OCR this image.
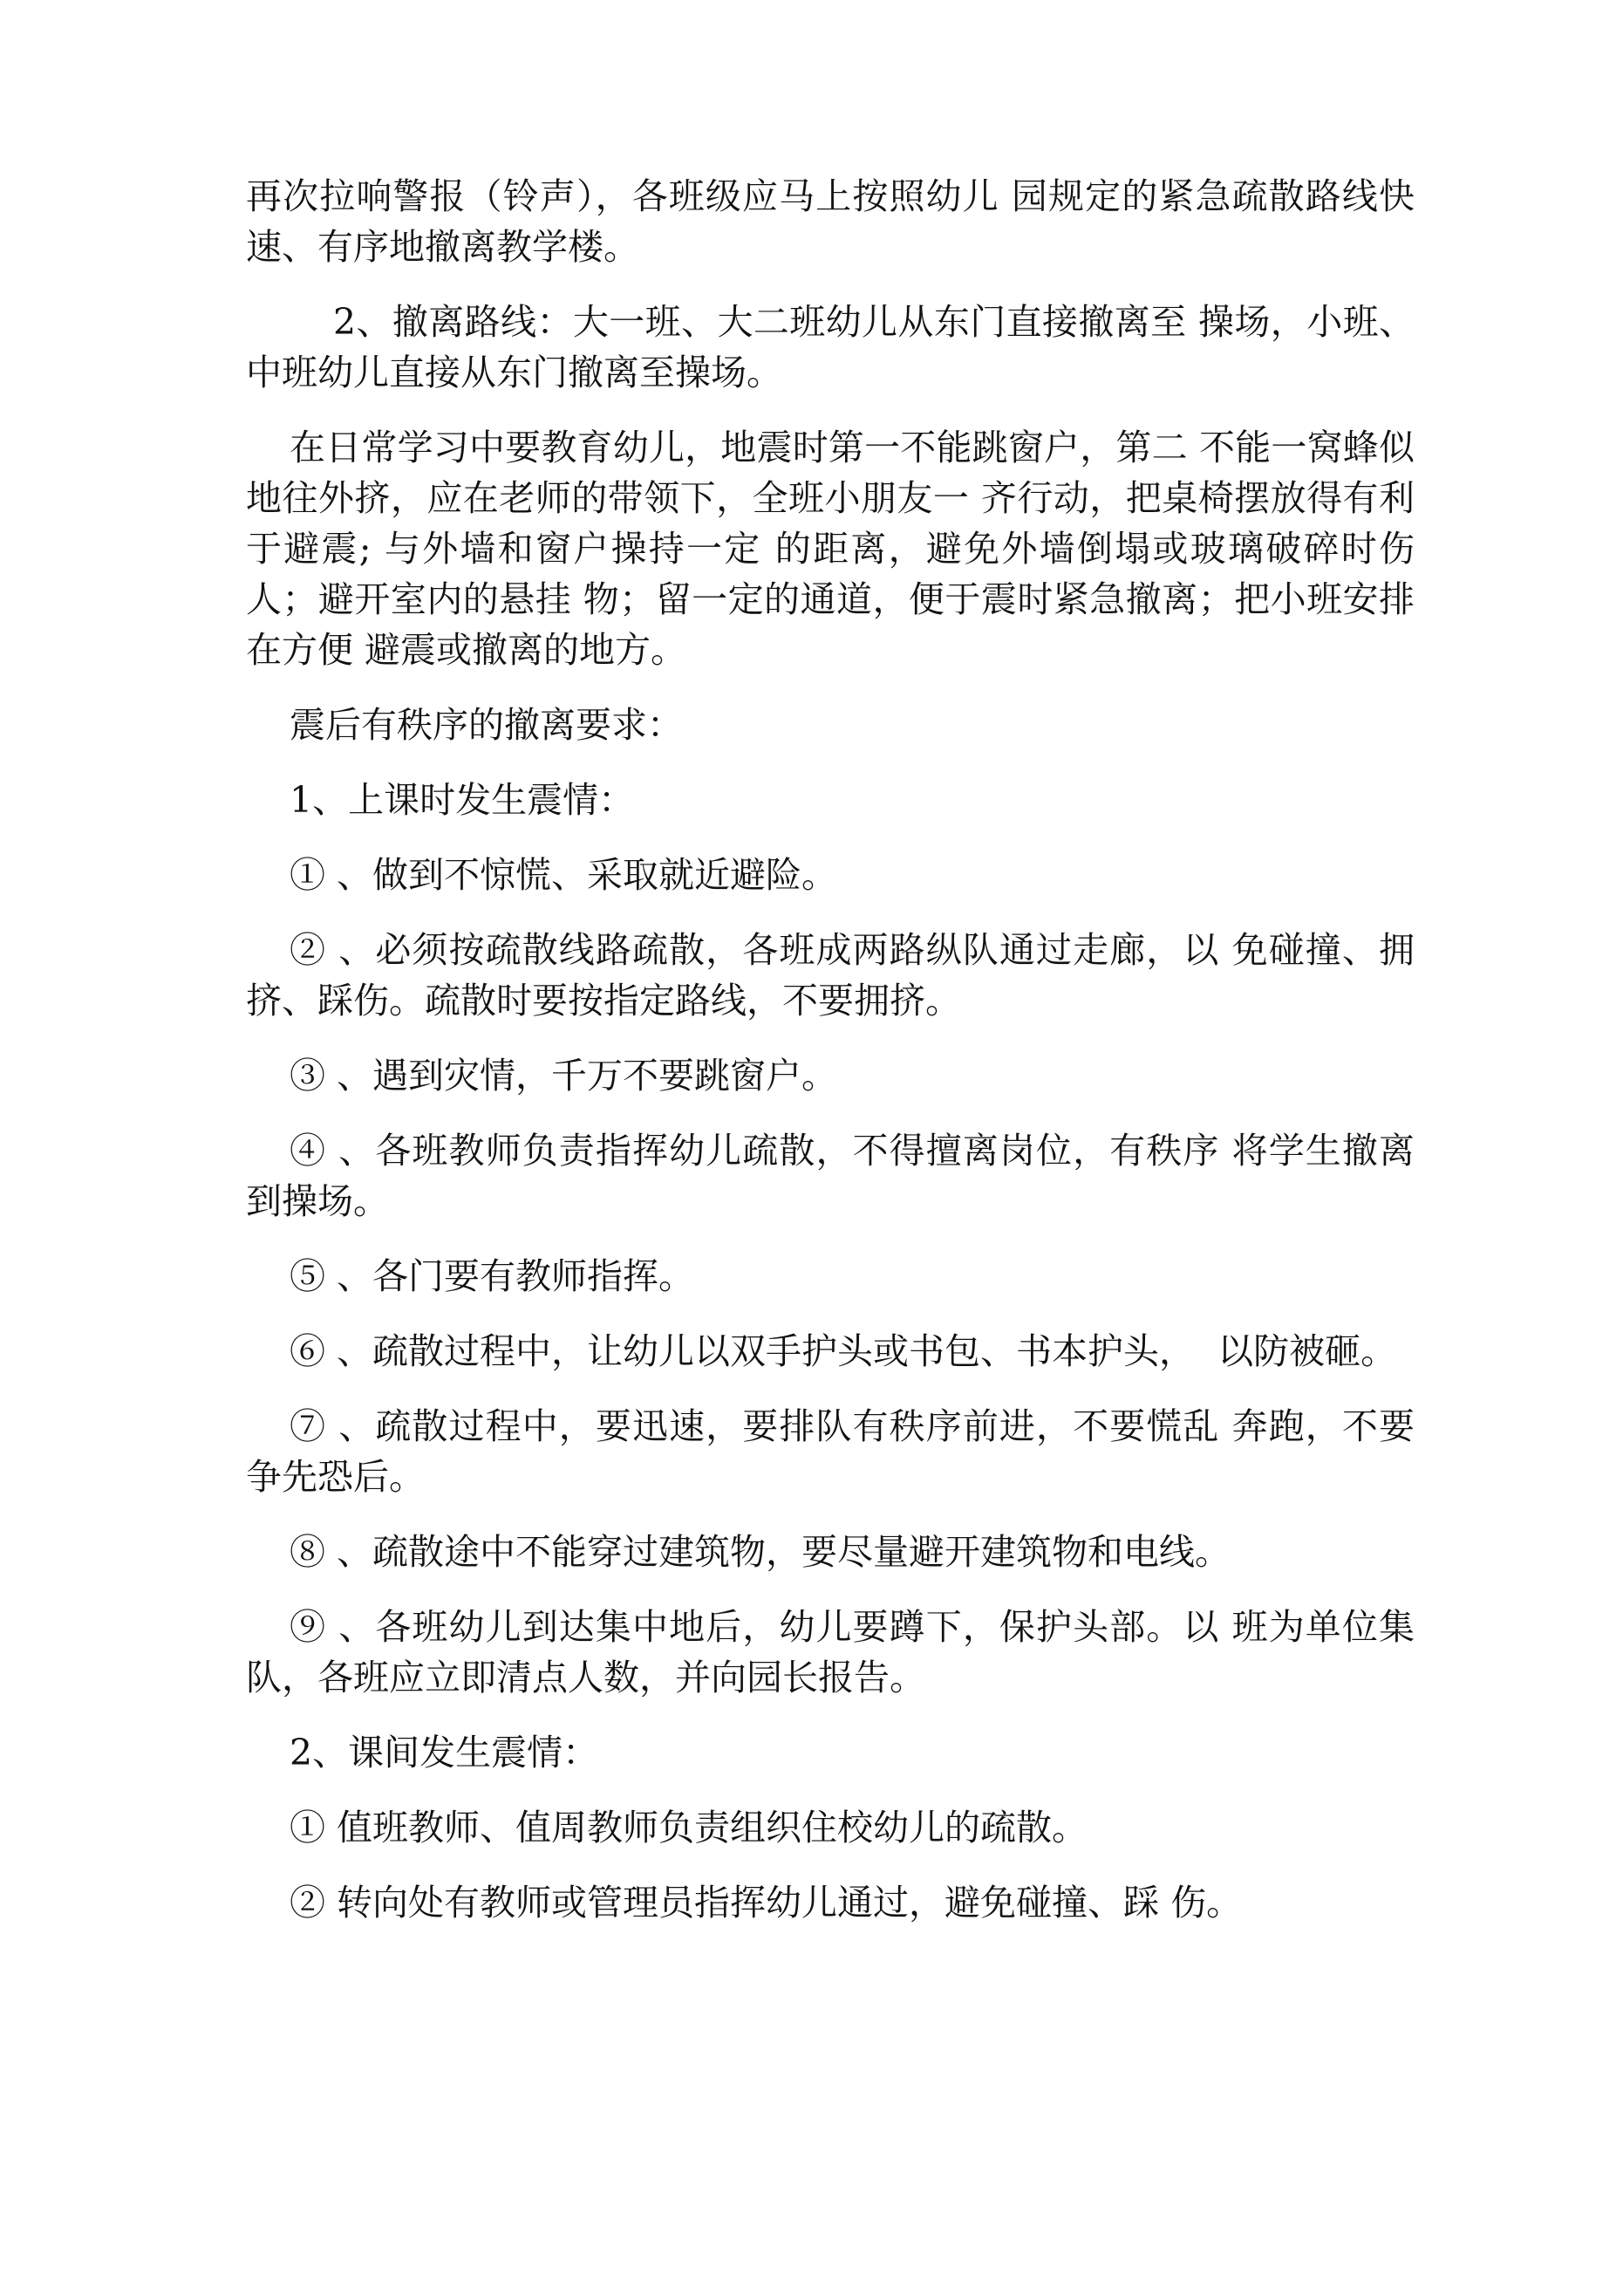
再次拉响警报（铃声），各班级应马上按照幼儿 园规定的紧急疏散路线快速、有序地撤离教学楼。

2、撤离路线：大一班、大二班幼儿从东门直接撤离至 操场，小班、中班幼儿直接从东门撤离至操场。

在日常学习中要教育幼儿，地震时第一不能跳窗户，第二 不能一窝蜂似地往外挤，应在老师的带领下，全班小朋友一 齐行动，把桌椅摆放得有利于避震; 与外墙和窗户操持一定 的距离，避免外墙倒塌或玻璃破碎时伤人；避开室内的悬挂 物；留一定的通道，便于震时紧急撤离；把小班安排在方便 避震或撤离的地方。

震后有秩序的撤离要求：

1、上课时发生震情：

① 、做到不惊慌、采取就近避险。

② 、必须按疏散线路疏散，各班成两路纵队通过走廊，以 免碰撞、拥挤、踩伤。疏散时要按指定路线，不要拥挤。

③ 、遇到灾情，千万不要跳窗户。

④ 、各班教师负责指挥幼儿疏散，不得擅离岗位，有秩序 将学生撤离到操场。

⑤ 、各门要有教师指挥。

⑥ 、疏散过程中，让幼儿以双手护头或书包、书本护头，  以防被砸。

⑦ 、疏散过程中，要迅速，要排队有秩序前进，不要慌乱 奔跑，不要争先恐后。

⑧ 、疏散途中不能穿过建筑物，要尽量避开建筑物和电线。

⑨ 、各班幼儿到达集中地后，幼儿要蹲下，保护头部。以 班为单位集队，各班应立即清点人数，并向园长报告。

2、课间发生震情：

① 值班教师、值周教师负责组织住校幼儿的疏散。

② 转向处有教师或管理员指挥幼儿通过，避免碰撞、踩 伤。
